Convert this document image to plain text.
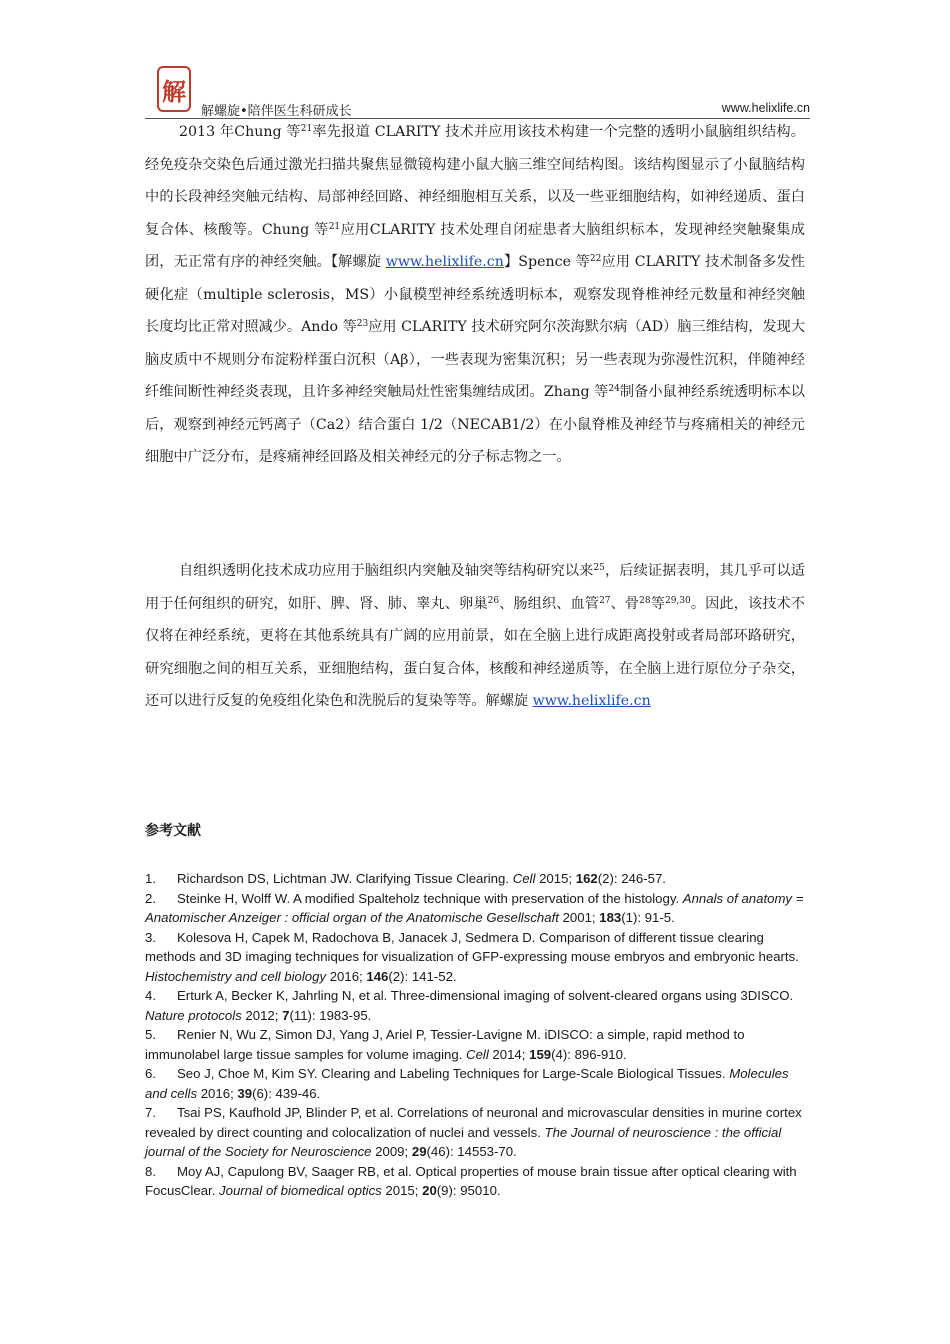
解
解螺旋•陪伴医生科研成长	www.helixlife.cn

2013 年Chung 等$^{21}$率先报道 CLARITY 技术并应用该技术构建一个完整的透明小鼠脑组织结构。经免疫杂交染色后通过激光扫描共聚焦显微镜构建小鼠大脑三维空间结构图。该结构图显示了小鼠脑结构中的长段神经突触元结构、局部神经回路、神经细胞相互关系，以及一些亚细胞结构，如神经递质、蛋白复合体、核酸等。Chung 等$^{21}$应用CLARITY 技术处理自闭症患者大脑组织标本，发现神经突触聚集成团，无正常有序的神经突触。【解螺旋 www.helixlife.cn】Spence 等$^{22}$应用 CLARITY 技术制备多发性硬化症（multiple sclerosis，MS）小鼠模型神经系统透明标本，观察发现脊椎神经元数量和神经突触长度均比正常对照减少。Ando 等$^{23}$应用 CLARITY 技术研究阿尔茨海默尔病（AD）脑三维结构，发现大脑皮质中不规则分布淀粉样蛋白沉积（Aβ），一些表现为密集沉积；另一些表现为弥漫性沉积，伴随神经纤维间断性神经炎表现，且许多神经突触局灶性密集缠结成团。Zhang 等$^{24}$制备小鼠神经系统透明标本以后，观察到神经元钙离子（Ca2）结合蛋白 1/2（NECAB1/2）在小鼠脊椎及神经节与疼痛相关的神经元细胞中广泛分布，是疼痛神经回路及相关神经元的分子标志物之一。

自组织透明化技术成功应用于脑组织内突触及轴突等结构研究以来$^{25}$，后续证据表明，其几乎可以适用于任何组织的研究，如肝、脾、肾、肺、睾丸、卵巢$^{26}$、肠组织、血管$^{27}$、骨$^{28}$等$^{29,30}$。因此，该技术不仅将在神经系统，更将在其他系统具有广阔的应用前景，如在全脑上进行成距离投射或者局部环路研究，研究细胞之间的相互关系，亚细胞结构，蛋白复合体，核酸和神经递质等，在全脑上进行原位分子杂交，还可以进行反复的免疫组化染色和洗脱后的复染等等。解螺旋 www.helixlife.cn

参考文献
1. Richardson DS, Lichtman JW. Clarifying Tissue Clearing. Cell 2015; 162(2): 246-57.
2. Steinke H, Wolff W. A modified Spalteholz technique with preservation of the histology. Annals of anatomy = Anatomischer Anzeiger : official organ of the Anatomische Gesellschaft 2001; 183(1): 91-5.
3. Kolesova H, Capek M, Radochova B, Janacek J, Sedmera D. Comparison of different tissue clearing methods and 3D imaging techniques for visualization of GFP-expressing mouse embryos and embryonic hearts. Histochemistry and cell biology 2016; 146(2): 141-52.
4. Erturk A, Becker K, Jahrling N, et al. Three-dimensional imaging of solvent-cleared organs using 3DISCO. Nature protocols 2012; 7(11): 1983-95.
5. Renier N, Wu Z, Simon DJ, Yang J, Ariel P, Tessier-Lavigne M. iDISCO: a simple, rapid method to immunolabel large tissue samples for volume imaging. Cell 2014; 159(4): 896-910.
6. Seo J, Choe M, Kim SY. Clearing and Labeling Techniques for Large-Scale Biological Tissues. Molecules and cells 2016; 39(6): 439-46.
7. Tsai PS, Kaufhold JP, Blinder P, et al. Correlations of neuronal and microvascular densities in murine cortex revealed by direct counting and colocalization of nuclei and vessels. The Journal of neuroscience : the official journal of the Society for Neuroscience 2009; 29(46): 14553-70.
8. Moy AJ, Capulong BV, Saager RB, et al. Optical properties of mouse brain tissue after optical clearing with FocusClear. Journal of biomedical optics 2015; 20(9): 95010.
